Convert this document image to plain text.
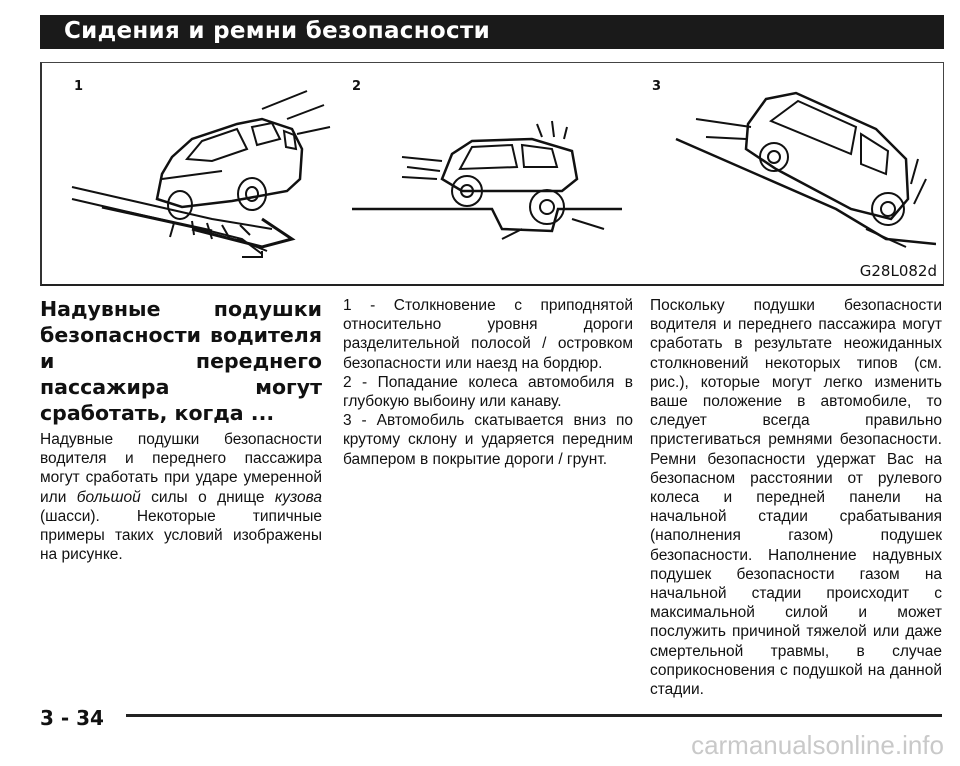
Сидения и ремни безопасности
1	2	3
G28L082d

Надувные подушки безопасности водителя и переднего пассажира могут сработать, когда ...

Надувные подушки безопасности водителя и переднего пассажира могут сработать при ударе умеренной или большой силы о днище кузова (шасси). Некоторые типичные примеры таких условий изображены на рисунке.

1 - Столкновение с приподнятой относительно уровня дороги разделительной полосой / островком безопасности или наезд на бордюр.

2 - Попадание колеса автомобиля в глубокую выбоину или канаву.

3 - Автомобиль скатывается вниз по крутому склону и ударяется передним бампером в покрытие дороги / грунт.

Поскольку подушки безопасности водителя и переднего пассажира могут сработать в результате неожиданных столкновений некоторых типов (см. рис.), которые могут легко изменить ваше положение в автомобиле, то следует всегда правильно пристегиваться ремнями безопасности. Ремни безопасности удержат Вас на безопасном расстоянии от рулевого колеса и передней панели на начальной стадии срабатывания (наполнения газом) подушек безопасности. Наполнение надувных подушек безопасности газом на начальной стадии происходит с максимальной силой и может послужить причиной тяжелой или даже смертельной травмы, в случае соприкосновения с подушкой на данной стадии.

3 - 34
carmanualsonline.info
